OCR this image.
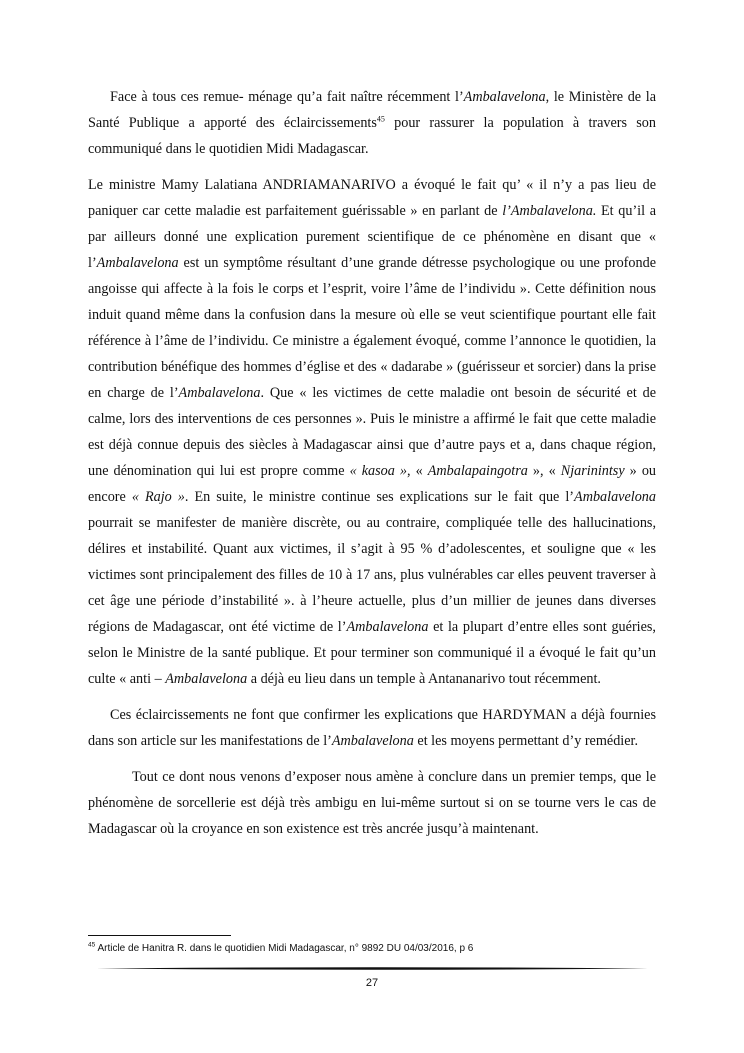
Face à tous ces remue- ménage qu’a fait naître récemment l’Ambalavelona, le Ministère de la Santé Publique a apporté des éclaircissements$^{45}$ pour rassurer la population à travers son communiqué dans le quotidien Midi Madagascar.

Le ministre Mamy Lalatiana ANDRIAMANARIVO a évoqué le fait qu’ « il n’y a pas lieu de paniquer car cette maladie est parfaitement guérissable » en parlant de l’Ambalavelona. Et qu’il a par ailleurs donné une explication purement scientifique de ce phénomène en disant que « l’Ambalavelona est un symptôme résultant d’une grande détresse psychologique ou une profonde angoisse qui affecte à la fois le corps et l’esprit, voire l’âme de l’individu ». Cette définition nous induit quand même dans la confusion dans la mesure où elle se veut scientifique pourtant elle fait référence à l’âme de l’individu. Ce ministre a également évoqué, comme l’annonce le quotidien, la contribution bénéfique des hommes d’église et des « dadarabe » (guérisseur et sorcier) dans la prise en charge de l’Ambalavelona. Que « les victimes de cette maladie ont besoin de sécurité et de calme, lors des interventions de ces personnes ». Puis le ministre a affirmé le fait que cette maladie est déjà connue depuis des siècles à Madagascar ainsi que d’autre pays et a, dans chaque région, une dénomination qui lui est propre comme « kasoa », « Ambalapaingotra », « Njarinintsy » ou encore « Rajo ». En suite, le ministre continue ses explications sur le fait que l’Ambalavelona pourrait se manifester de manière discrète, ou au contraire, compliquée telle des hallucinations, délires et instabilité. Quant aux victimes, il s’agit à 95 % d’adolescentes, et souligne que « les victimes sont principalement des filles de 10 à 17 ans, plus vulnérables car elles peuvent traverser à cet âge une période d’instabilité ». à l’heure actuelle, plus d’un millier de jeunes dans diverses régions de Madagascar, ont été victime de l’Ambalavelona et la plupart d’entre elles sont guéries, selon le Ministre de la santé publique. Et pour terminer son communiqué il a évoqué le fait qu’un culte « anti – Ambalavelona a déjà eu lieu dans un temple à Antananarivo tout récemment.

Ces éclaircissements ne font que confirmer les explications que HARDYMAN a déjà fournies dans son article sur les manifestations de l’Ambalavelona et les moyens permettant d’y remédier.

Tout ce dont nous venons d’exposer nous amène à conclure dans un premier temps, que le phénomène de sorcellerie est déjà très ambigu en lui-même surtout si on se tourne vers le cas de Madagascar où la croyance en son existence est très ancrée jusqu’à maintenant.

$^{45}$ Article de Hanitra R. dans le quotidien Midi Madagascar, n° 9892 DU 04/03/2016, p 6
27
